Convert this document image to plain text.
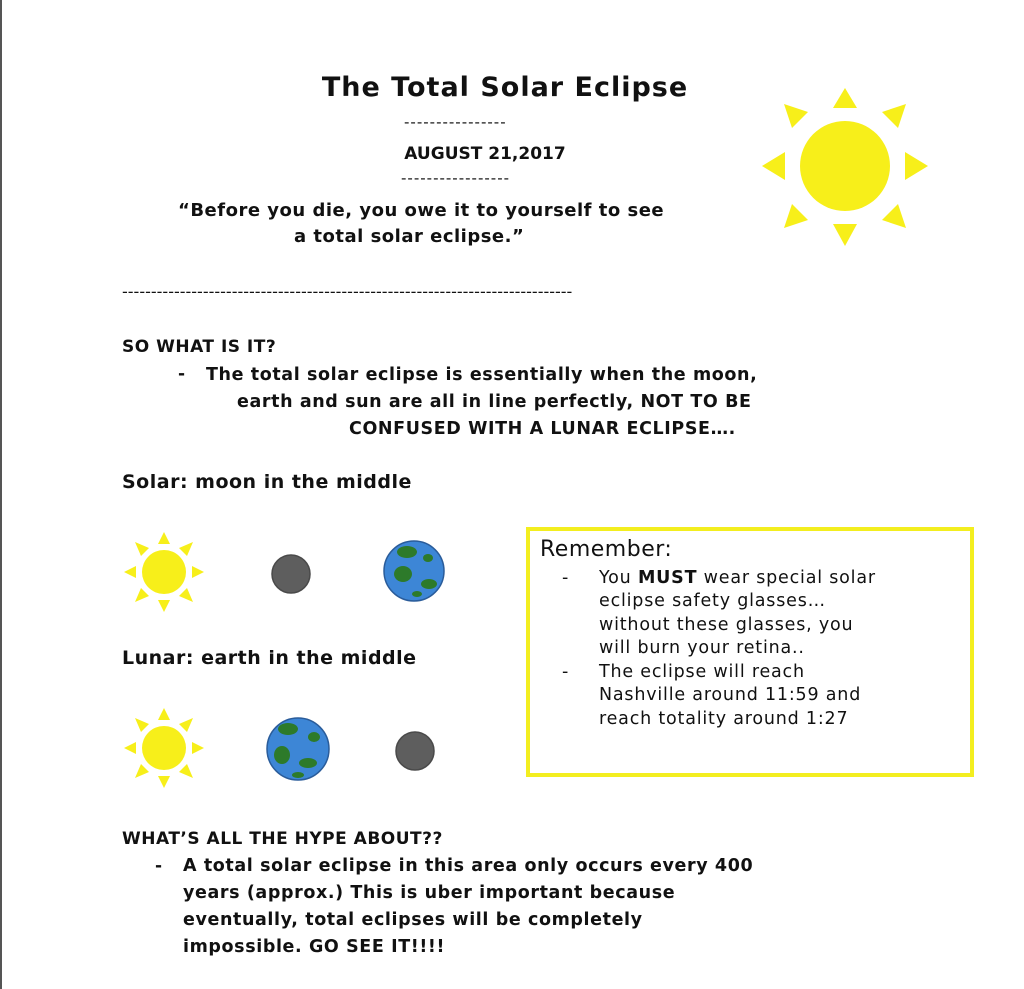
The Total Solar Eclipse
----------------
AUGUST 21,2017
-----------------
“Before you die, you owe it to yourself to see
a total solar eclipse.”
------------------------------------------------------------------------------
SO WHAT IS IT?
- The total solar eclipse is essentially when the moon,
earth and sun are all in line perfectly, NOT TO BE
CONFUSED WITH A LUNAR ECLIPSE….
Solar: moon in the middle
Lunar: earth in the middle
Remember:
- You MUST wear special solar
eclipse safety glasses…
without these glasses, you
will burn your retina..
- The eclipse will reach
Nashville around 11:59 and
reach totality around 1:27
WHAT’S ALL THE HYPE ABOUT??
- A total solar eclipse in this area only occurs every 400
years (approx.) This is uber important because
eventually, total eclipses will be completely
impossible. GO SEE IT!!!!
